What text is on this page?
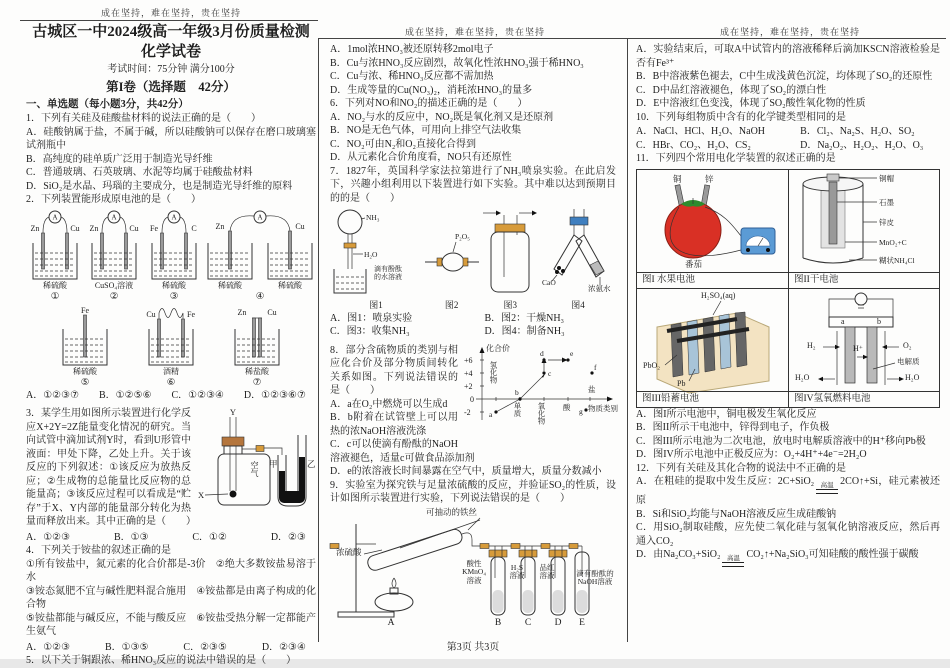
成在坚持，难在坚持，贵在坚持
成在坚持，难在坚持，贵在坚持	成在坚持，难在坚持，贵在坚持

古城区一中2024级高一年级3月份质量检测化学试卷

考试时间：75分钟 满分100分

第I卷（选择题　42分）

一、单选题（每小题3分，共42分）

1．下列有关硅及硅酸盐材料的说法正确的是（　　）

A．硅酸钠属于盐，不属于碱，所以硅酸钠可以保存在磨口玻璃塞试剂瓶中

B．高纯度的硅单质广泛用于制造光导纤维

C．普通玻璃、石英玻璃、水泥等均属于硅酸盐材料

D．SiO₂是水晶、玛瑙的主要成分，也是制造光导纤维的原料

2．下列装置能形成原电池的是（　　）

A
Zn	Cu
稀硫酸
①
A
Zn	Cu
CuSO₄溶液
②
A
Fe	C
稀硫酸
③
A
Zn	Cu
稀硫酸	稀硫酸
④
Fe
稀硫酸
⑤
Cu	Fe
酒精
⑥
Zn	Cu
稀盐酸
⑦
A．①②③⑦ B．①②⑤⑥ C．①②③④ D．①②③⑥⑦
Y
X
甲	乙
空气

3．某学生用如图所示装置进行化学反应X+2Y=2Z能量变化情况的研究。当向试管中滴加试剂Y时，看到U形管中液面：甲处下降，乙处上升。关于该反应的下列叙述：①该反应为放热反应；②生成物的总能量比反应物的总能量高；③该反应过程可以看成是“贮存”于X、Y内部的能量部分转化为热量而释放出来。其中正确的是（　　）

A．①②③	B．①③	C．①②	D．②③

4．下列关于铵盐的叙述正确的是

①所有铵盐中，氮元素的化合价都是-3价　②绝大多数铵盐易溶于水

③铵态氮肥不宜与碱性肥料混合施用　④铵盐都是由离子构成的化合物

⑤铵盐都能与碱反应，不能与酸反应　⑥铵盐受热分解一定都能产生氨气

A．①②③	B．①③⑤	C．②③⑤	D．②③④

5．以下关于铜跟浓、稀HNO₃反应的说法中错误的是（　　）

A．1mol浓HNO₃被还原转移2mol电子

B．Cu与浓HNO₃反应剧烈，故氧化性浓HNO₃强于稀HNO₃

C．Cu与浓、稀HNO₃反应都不需加热

D．生成等量的Cu(NO₃)₂，消耗浓HNO₃的量多

6．下列对NO和NO₂的描述正确的是（　　）

A．NO₂与水的反应中，NO₂既是氧化剂又是还原剂

B．NO是无色气体，可用向上排空气法收集

C．NO₂可由N₂和O₂直接化合得到

D．从元素化合价角度看，NO只有还原性

7．1827年，英国科学家法拉第进行了NH₃喷泉实验。在此启发下，兴趣小组利用以下装置进行如下实验。其中难以达到预期目的的是（　　）

NH₃
H₂O
滴有酚酞
的水溶液
图1
P₂O₅
图2	图3
CaO
浓氨水
图4
A．图1：喷泉实验	B．图2：干燥NH₃
C．图3：收集NH₃	D．图4：制备NH₃
a
b
c
d	e
f
g
化合价
+6
+4
+2
0
-2
氢化物
单质 氧化物 酸
盐
物质类别

8．部分含硫物质的类别与相应化合价及部分物质间转化关系如图。下列说法错误的是（　　）

A．a在O₂中燃烧可以生成d

B．b附着在试管壁上可以用热的浓NaOH溶液洗涤

C．c可以使滴有酚酞的NaOH溶液褪色，适量c可做食品添加剂

D．e的浓溶液长时间暴露在空气中，质量增大，质量分数减小

9．实验室为探究铁与足量浓硫酸的反应，并验证SO₂的性质，设计如图所示装置进行实验，下列说法错误的是（　　）

A	B C D E
可抽动的铁丝
浓硫酸
酸性
KMnO₄
溶液
H₂S
溶液
品红
溶液	滴有酚酞的
NaOH溶液

A．实验结束后，可取A中试管内的溶液稀释后滴加KSCN溶液检验是否有Fe³⁺

B．B中溶液紫色褪去，C中生成浅黄色沉淀，均体现了SO₂的还原性

C．D中品红溶液褪色，体现了SO₂的漂白性

D．E中溶液红色变浅，体现了SO₂酸性氧化物的性质

10．下列每组物质中含有的化学键类型相同的是

A．NaCl、HCl、H₂O、NaOH	B．Cl₂、Na₂S、H₂O、SO₂
C．HBr、CO₂、H₂O、CS₂	D．Na₂O₂、H₂O₂、H₂O、O₃

11．下列四个常用电化学装置的叙述正确的是

铜	锌
番茄
铜帽
石墨
锌皮
MnO₂+C
糊状NH₄Cl
图I 水果电池	图II干电池
H₂SO₄(aq)
PbO₂
Pb
a	b
H₂	O₂
H⁺
电解质
H₂O	H₂O
图III铅蓄电池	图IV氢氧燃料电池

A．图I所示电池中，铜电极发生氧化反应

B．图II所示干电池中，锌得到电子，作负极

C．图III所示电池为二次电池，放电时电解质溶液中的H⁺移向Pb极

D．图IV所示电池中正极反应为：O₂+4H⁺+4e⁻=2H₂O

12．下列有关硅及其化合物的说法中不正确的是

A．在粗硅的提取中发生反应：2C+SiO₂ 高温 2CO↑+Si，硅元素被还原

B．Si和SiO₂均能与NaOH溶液反应生成硅酸钠

C．用SiO₂制取硅酸，应先使二氧化硅与氢氧化钠溶液反应，然后再通入CO₂

D．由Na₂CO₃+SiO₂ 高温 CO₂↑+Na₂SiO₃可知硅酸的酸性强于碳酸

第3页 共3页
